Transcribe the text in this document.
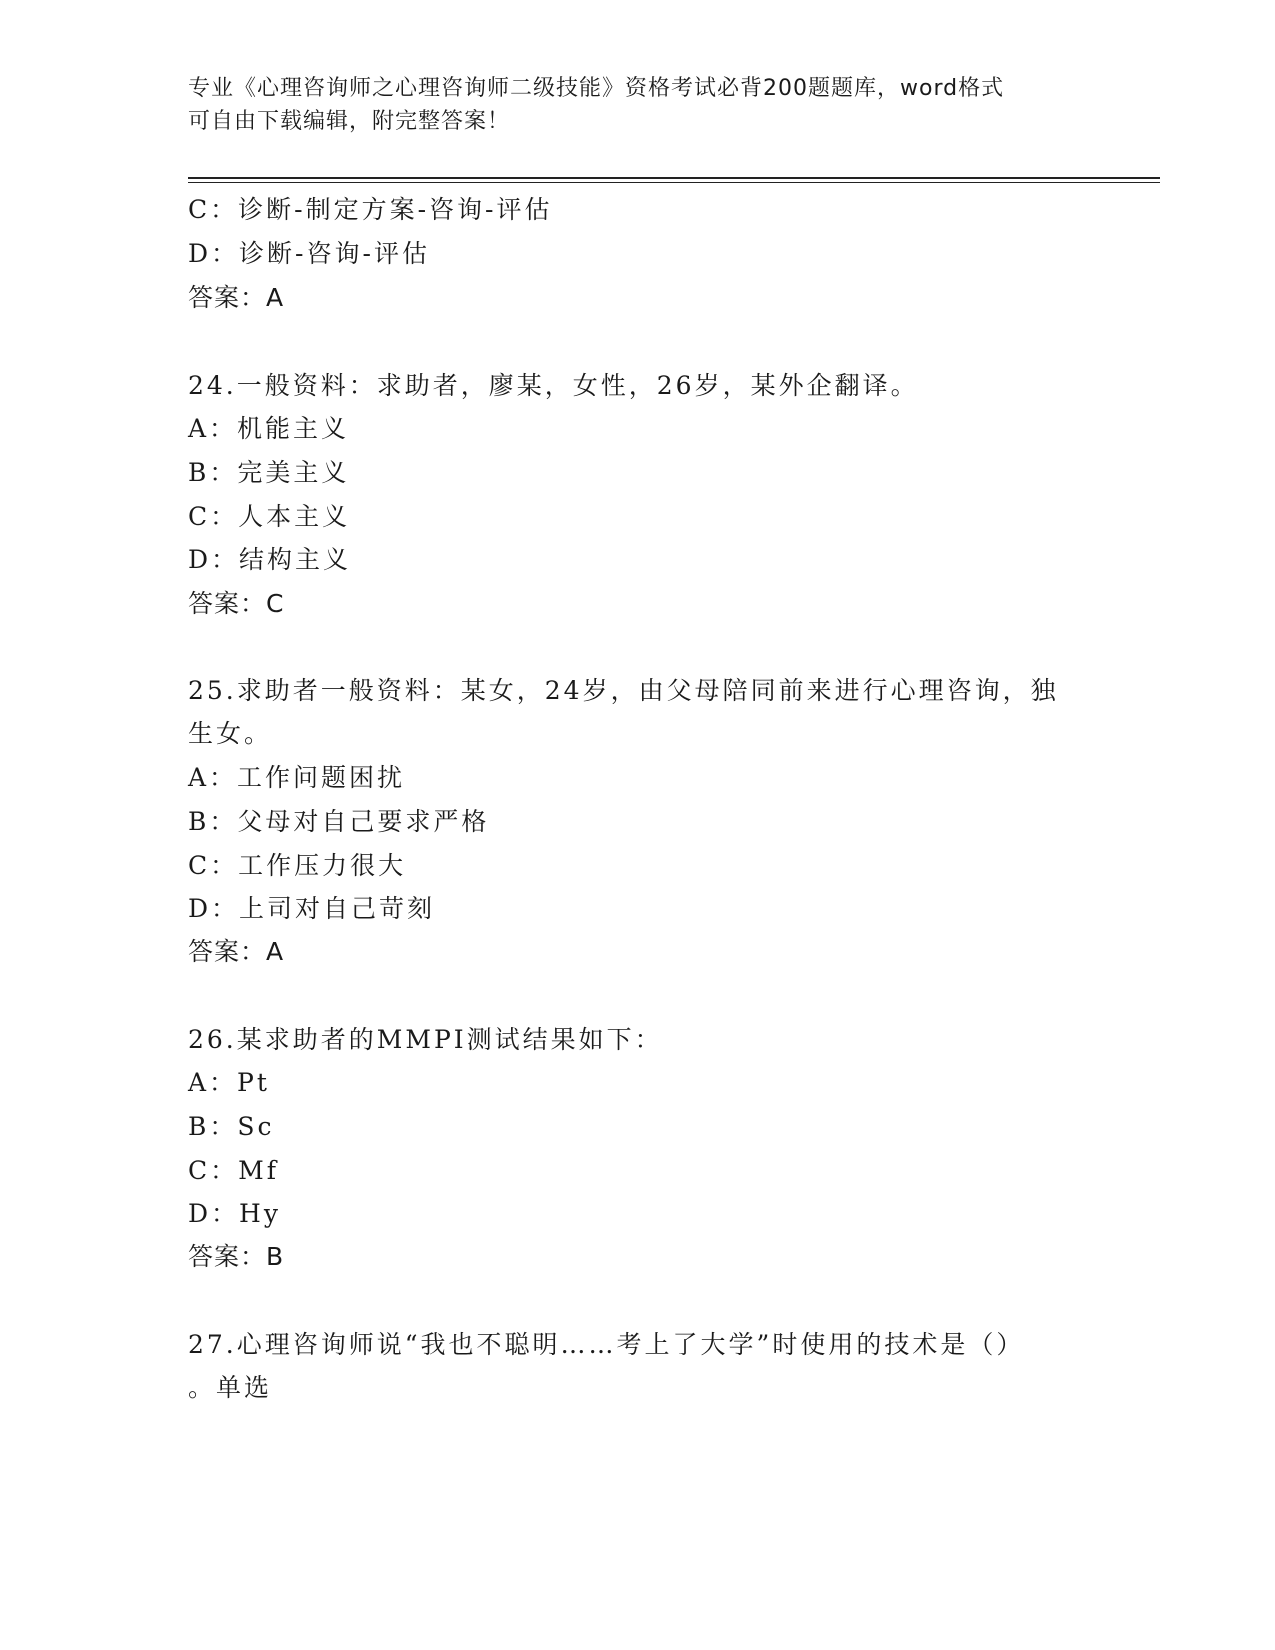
专业《心理咨询师之心理咨询师二级技能》资格考试必背200题题库，word格式
可自由下载编辑，附完整答案！
C：诊断-制定方案-咨询-评估
D：诊断-咨询-评估
答案：A
24.一般资料：求助者，廖某，女性，26岁，某外企翻译。
A：机能主义
B：完美主义
C：人本主义
D：结构主义
答案：C
25.求助者一般资料：某女，24岁，由父母陪同前来进行心理咨询，独
生女。
A：工作问题困扰
B：父母对自己要求严格
C：工作压力很大
D：上司对自己苛刻
答案：A
26.某求助者的MMPI测试结果如下：
A：Pt
B：Sc
C：Mf
D：Hy
答案：B
27.心理咨询师说“我也不聪明……考上了大学”时使用的技术是（）
。单选
